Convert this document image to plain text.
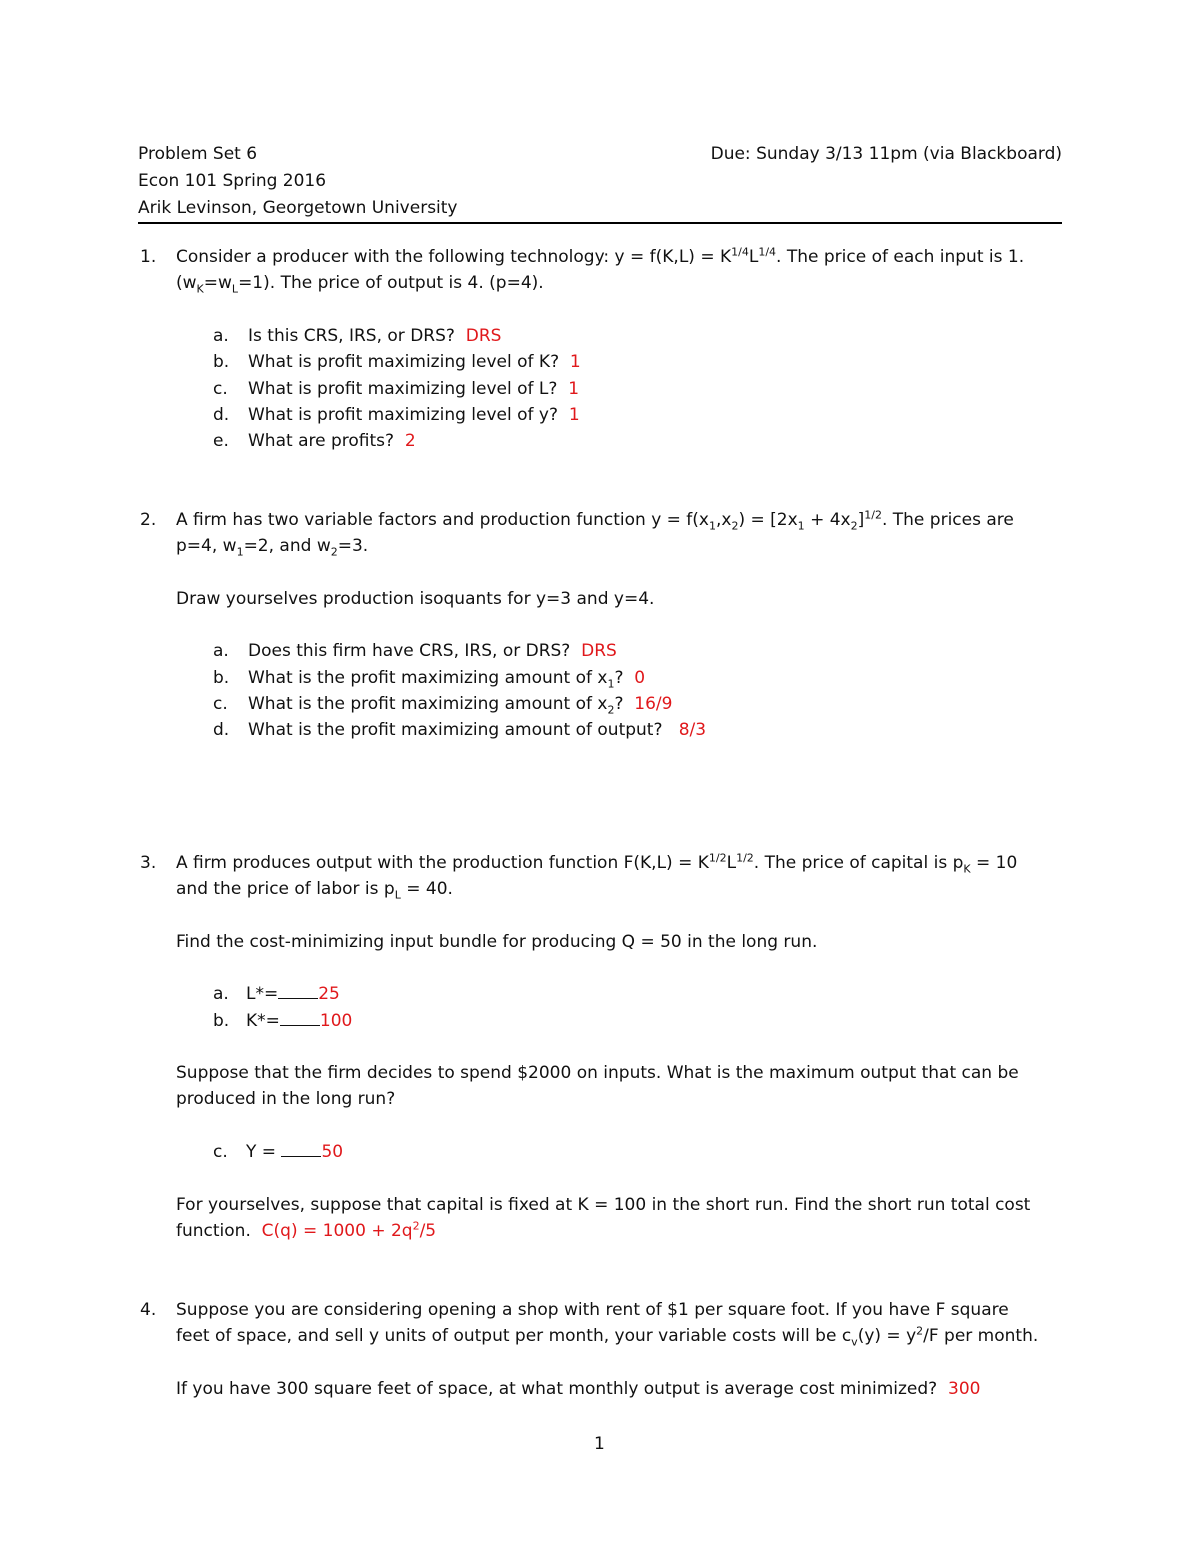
Problem Set 6	Due: Sunday 3/13 11pm (via Blackboard)
Econ 101 Spring 2016
Arik Levinson, Georgetown University
1.	Consider a producer with the following technology: $y = f(K,L) = K^{1/4}L^{1/4}$. The price of each input is 1.
$(w_K=w_L=1)$. The price of output is 4. (p=4).
a. Is this CRS, IRS, or DRS? DRS
b. What is profit maximizing level of K? 1
c. What is profit maximizing level of L? 1
d. What is profit maximizing level of y? 1
e. What are profits? 2
2.	A firm has two variable factors and production function $y = f(x_1,x_2) = [2x_1 + 4x_2]^{1/2}$. The prices are
p=4, $w_1=2$, and $w_2=3$.
Draw yourselves production isoquants for y=3 and y=4.
a. Does this firm have CRS, IRS, or DRS? DRS
b. What is the profit maximizing amount of $x_1$? 0
c. What is the profit maximizing amount of $x_2$? 16/9
d. What is the profit maximizing amount of output? 8/3
3.	A firm produces output with the production function $F(K,L) = K^{1/2}L^{1/2}$. The price of capital is $p_K = 10$
and the price of labor is $p_L = 40$.
Find the cost-minimizing input bundle for producing Q = 50 in the long run.
a. L*= 25
b. K*= 100
Suppose that the firm decides to spend $2000 on inputs. What is the maximum output that can be
produced in the long run?
c. Y = 50
For yourselves, suppose that capital is fixed at K = 100 in the short run. Find the short run total cost
function. $C(q) = 1000 + 2q^2/5$
4.	Suppose you are considering opening a shop with rent of $1 per square foot. If you have F square
feet of space, and sell y units of output per month, your variable costs will be $c_v(y) = y^2/F$ per month.
If you have 300 square feet of space, at what monthly output is average cost minimized? 300
1
